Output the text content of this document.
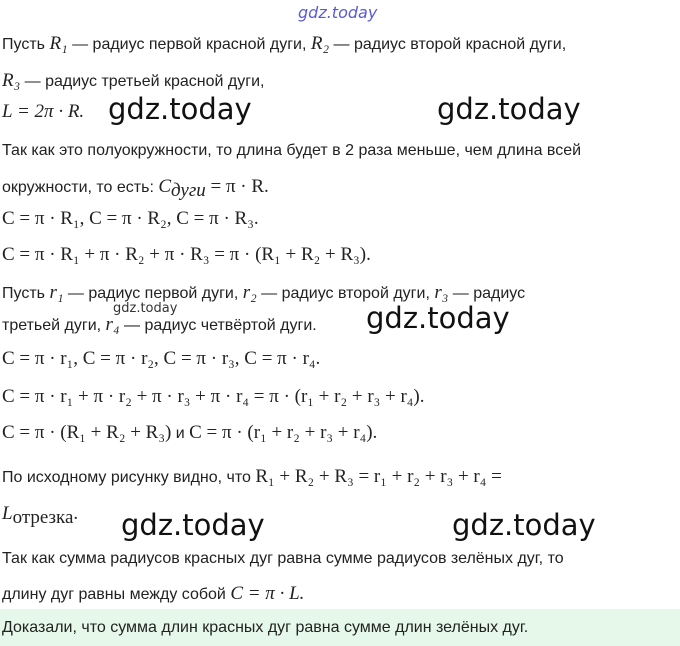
gdz.today
gdz.today	gdz.today
gdz.today	gdz.today
gdz.today	gdz.today
Пусть R₁ — радиус первой красной дуги, R₂ — радиус второй красной дуги,
R₃ — радиус третьей красной дуги,
L = 2π · R.
Так как это полуокружности, то длина будет в 2 раза меньше, чем длина всей
окружности, то есть: $C_{дуги} = \pi \cdot R$.
C = π · R₁, C = π · R₂, C = π · R₃.
C = π · R₁ + π · R₂ + π · R₃ = π · (R₁ + R₂ + R₃).
Пусть r₁ — радиус первой дуги, r₂ — радиус второй дуги, r₃ — радиус
третьей дуги, r₄ — радиус четвёртой дуги.
C = π · r₁, C = π · r₂, C = π · r₃, C = π · r₄.
C = π · r₁ + π · r₂ + π · r₃ + π · r₄ = π · (r₁ + r₂ + r₃ + r₄).
C = π · (R₁ + R₂ + R₃) и C = π · (r₁ + r₂ + r₃ + r₄).
По исходному рисунку видно, что R₁ + R₂ + R₃ = r₁ + r₂ + r₃ + r₄ =
$L_{отрезка}$.
Так как сумма радиусов красных дуг равна сумме радиусов зелёных дуг, то
длину дуг равны между собой C = π · L.
Доказали, что сумма длин красных дуг равна сумме длин зелёных дуг.
